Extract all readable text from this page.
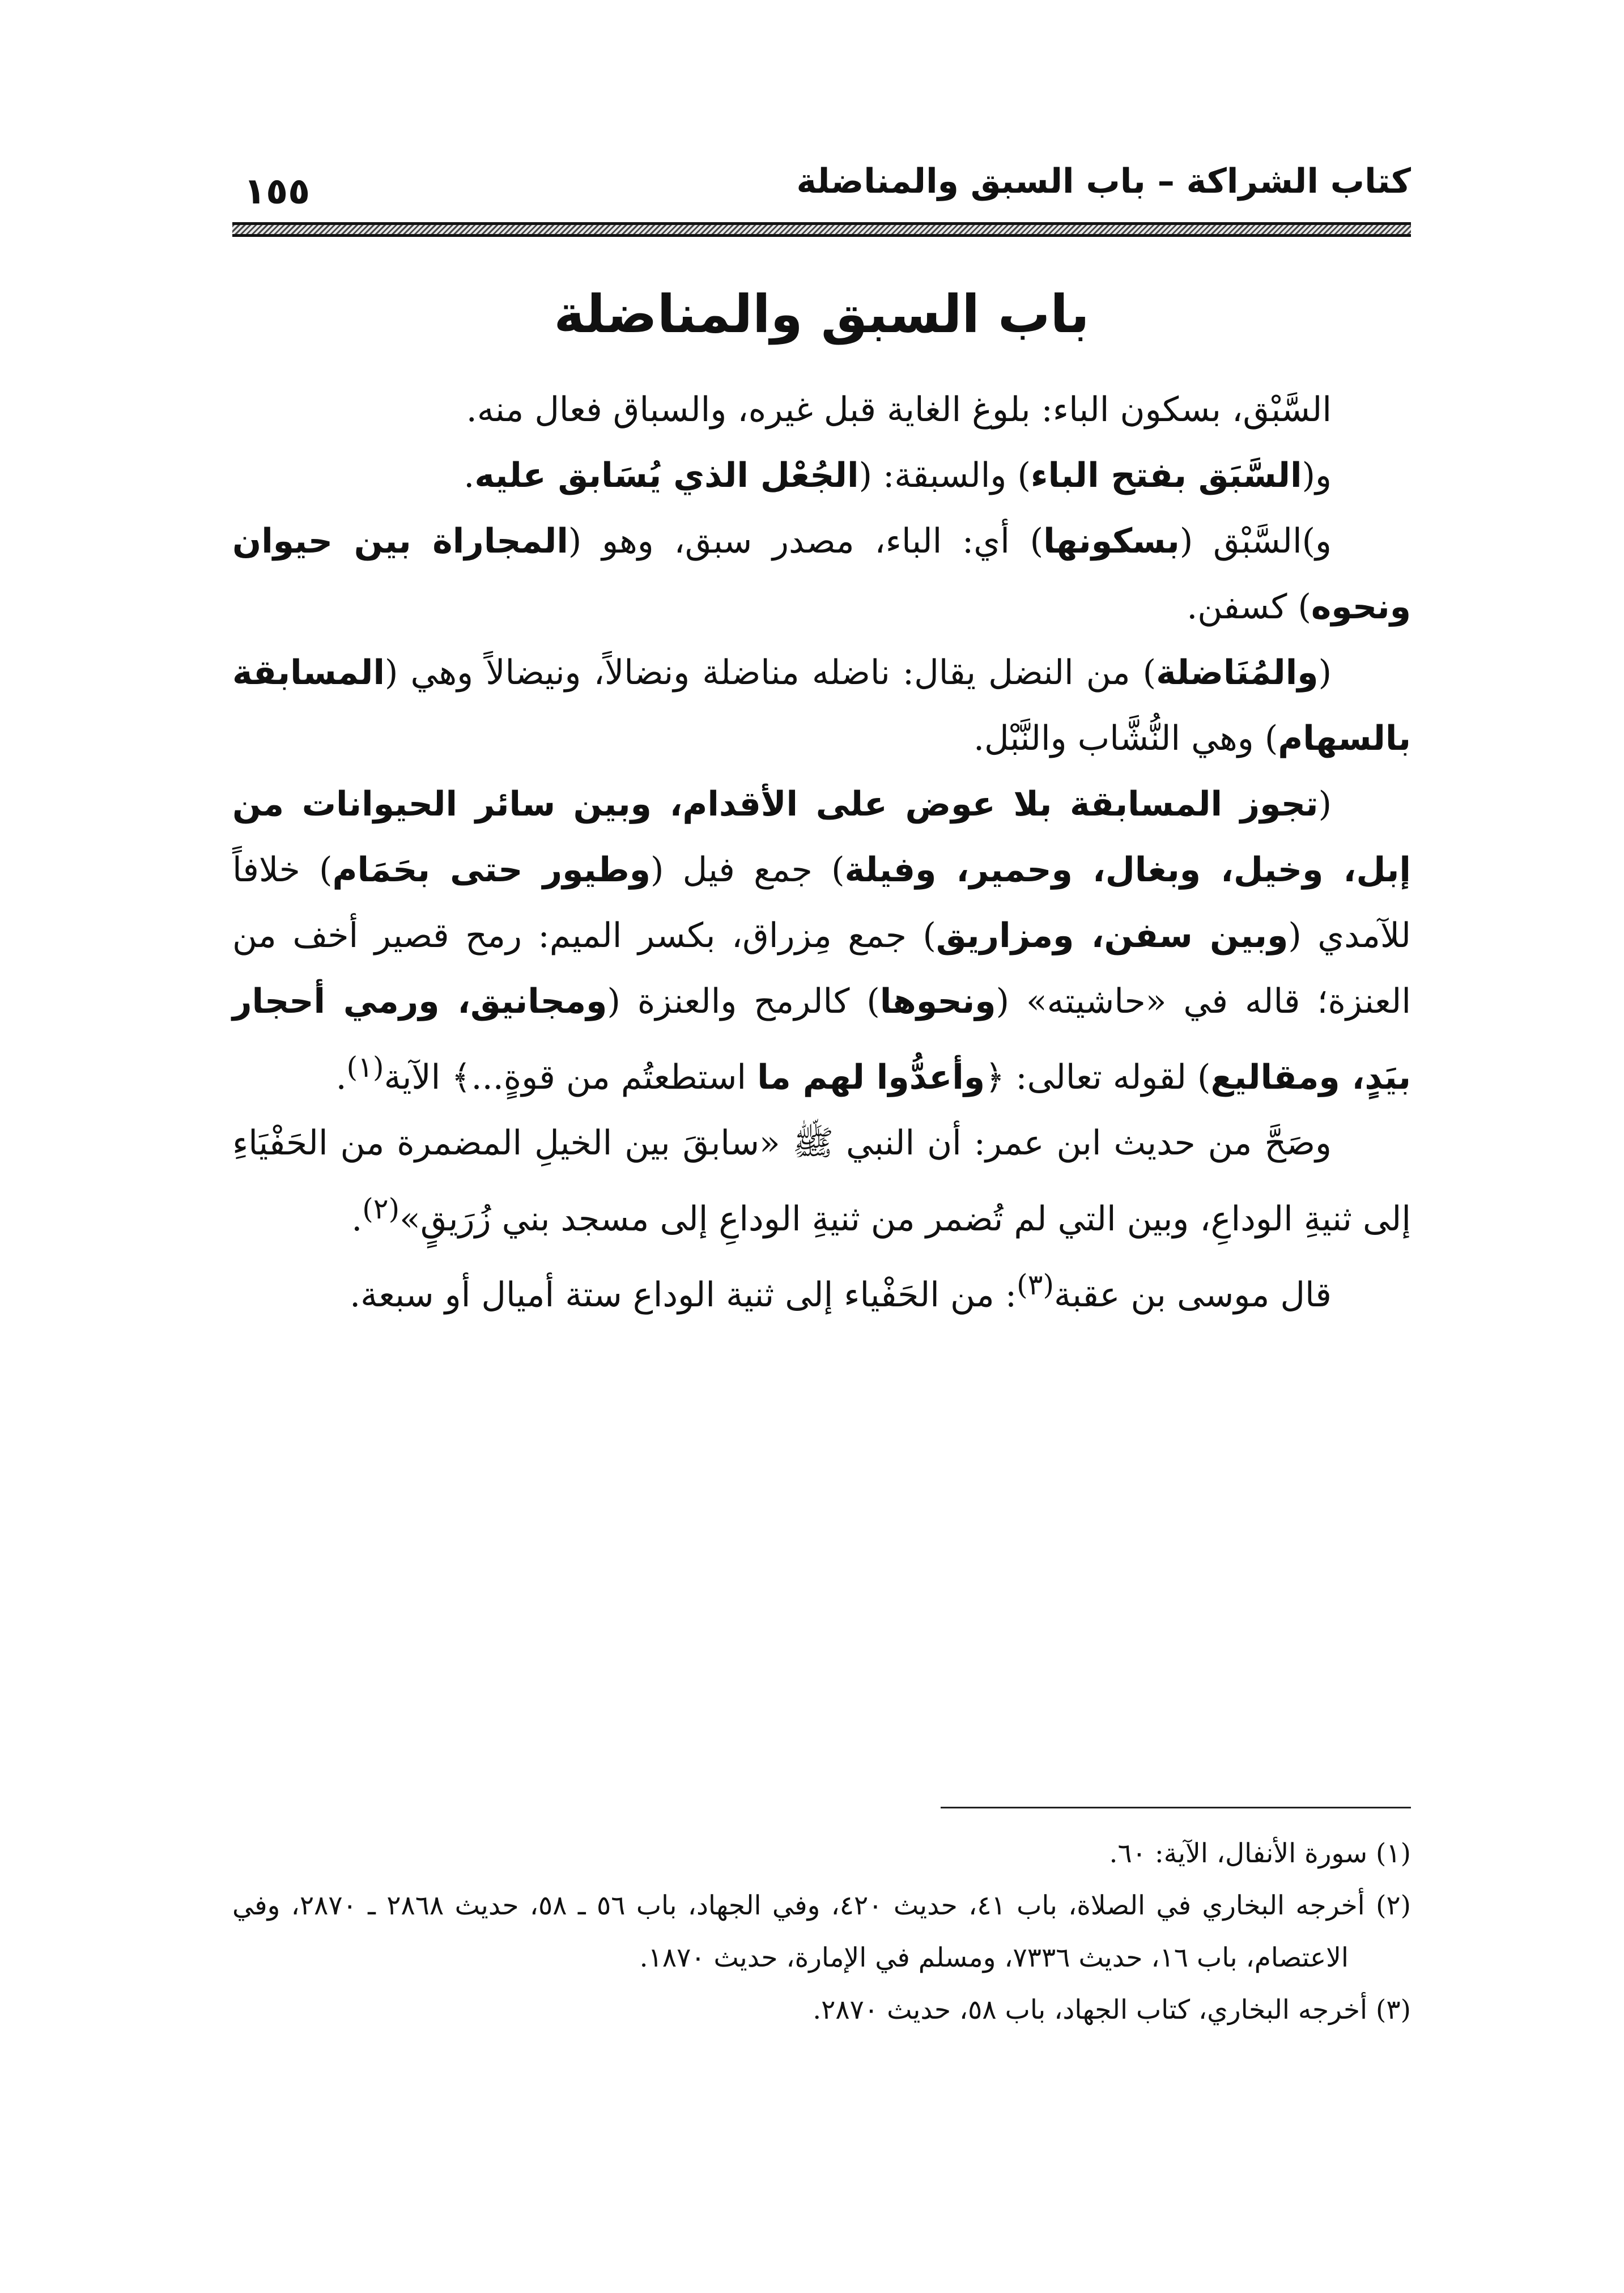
كتاب الشراكة – باب السبق والمناضلة
١٥٥
باب السبق والمناضلة

السَّبْق، بسكون الباء: بلوغ الغاية قبل غيره، والسباق فعال منه.

و(السَّبَق بفتح الباء) والسبقة: (الجُعْل الذي يُسَابق عليه.

و)السَّبْق (بسكونها) أي: الباء، مصدر سبق، وهو (المجاراة بين حيوان ونحوه) كسفن.

(والمُنَاضلة) من النضل يقال: ناضله مناضلة ونضالاً، ونيضالاً وهي (المسابقة بالسهام) وهي النُّشَّاب والنَّبْل.

(تجوز المسابقة بلا عوض على الأقدام، وبين سائر الحيوانات من إبل، وخيل، وبغال، وحمير، وفيلة) جمع فيل (وطيور حتى بحَمَام) خلافاً للآمدي (وبين سفن، ومزاريق) جمع مِزراق، بكسر الميم: رمح قصير أخف من العنزة؛ قاله في «حاشيته» (ونحوها) كالرمح والعنزة (ومجانيق، ورمي أحجار بيَدٍ، ومقاليع) لقوله تعالى: ﴿وأعدُّوا لهم ما استطعتُم من قوةٍ...﴾ الآية$^{(١)}$.

وصَحَّ من حديث ابن عمر: أن النبي ﷺ «سابقَ بين الخيلِ المضمرة من الحَفْيَاءِ إلى ثنيةِ الوداعِ، وبين التي لم تُضمر من ثنيةِ الوداعِ إلى مسجد بني زُرَيقٍ»$^{(٢)}$.

قال موسى بن عقبة$^{(٣)}$: من الحَفْياء إلى ثنية الوداع ستة أميال أو سبعة.

(١) سورة الأنفال، الآية: ٦٠.

(٢) أخرجه البخاري في الصلاة، باب ٤١، حديث ٤٢٠، وفي الجهاد، باب ٥٦ ـ ٥٨، حديث ٢٨٦٨ ـ ٢٨٧٠، وفي الاعتصام، باب ١٦، حديث ٧٣٣٦، ومسلم في الإمارة، حديث ١٨٧٠.

(٣) أخرجه البخاري، كتاب الجهاد، باب ٥٨، حديث ٢٨٧٠.
